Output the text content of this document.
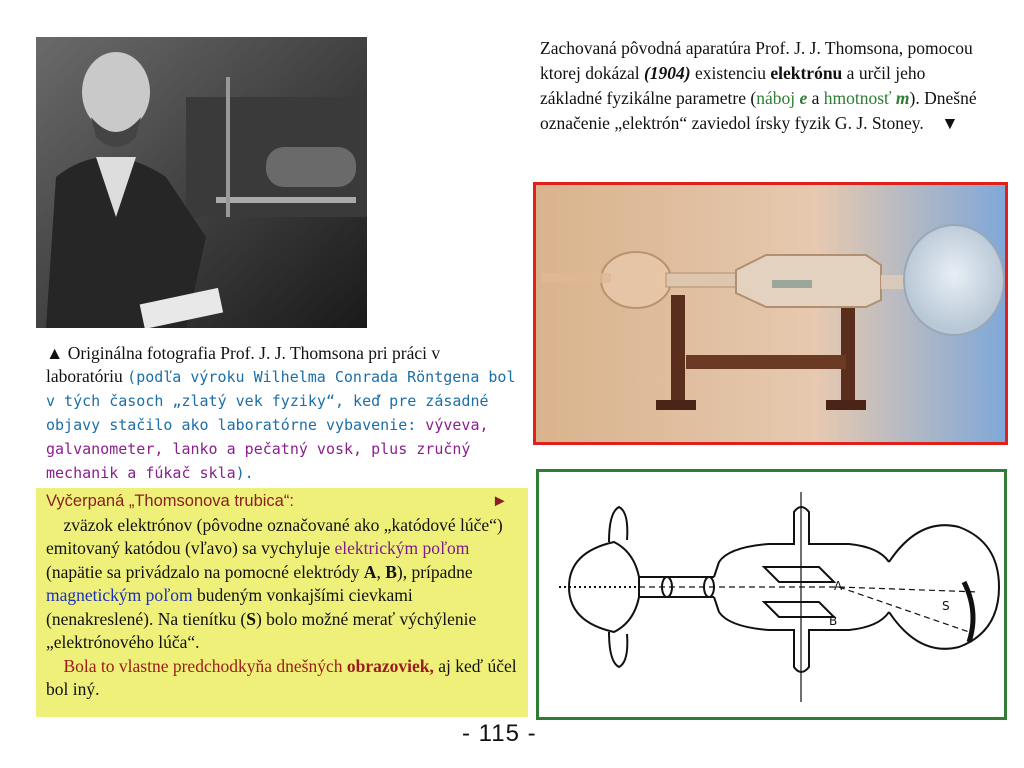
Zachovaná pôvodná aparatúra Prof. J. J. Thomsona, pomocou ktorej dokázal (1904) existenciu elektrónu a určil jeho základné fyzikálne parametre (náboj e a hmotnosť m). Dnešné označenie „elektrón“ zaviedol írsky fyzik G. J. Stoney. ▼
▲ Originálna fotografia Prof. J. J. Thomsona pri práci v laboratóriu (podľa výroku Wilhelma Conrada Röntgena bol v tých časoch „zlatý vek fyziky“, keď pre zásadné objavy stačilo ako laboratórne vybavenie: výveva, galvanometer, lanko a pečatný vosk, plus zručný mechanik a fúkač skla).
Vyčerpaná „Thomsonova trubica“:	►
zväzok elektrónov (pôvodne označované ako „katódové lúče“) emitovaný katódou (vľavo) sa vychyluje elektrickým poľom (napätie sa privádzalo na pomocné elektródy A, B), prípadne magnetickým poľom budeným vonkajšími cievkami (nenakreslené). Na tienítku (S) bolo možné merať výchýlenie „elektrónového lúča“.
Bola to vlastne predchodkyňa dnešných obrazoviek, aj keď účel bol iný.
A
B
S
- 115 -
